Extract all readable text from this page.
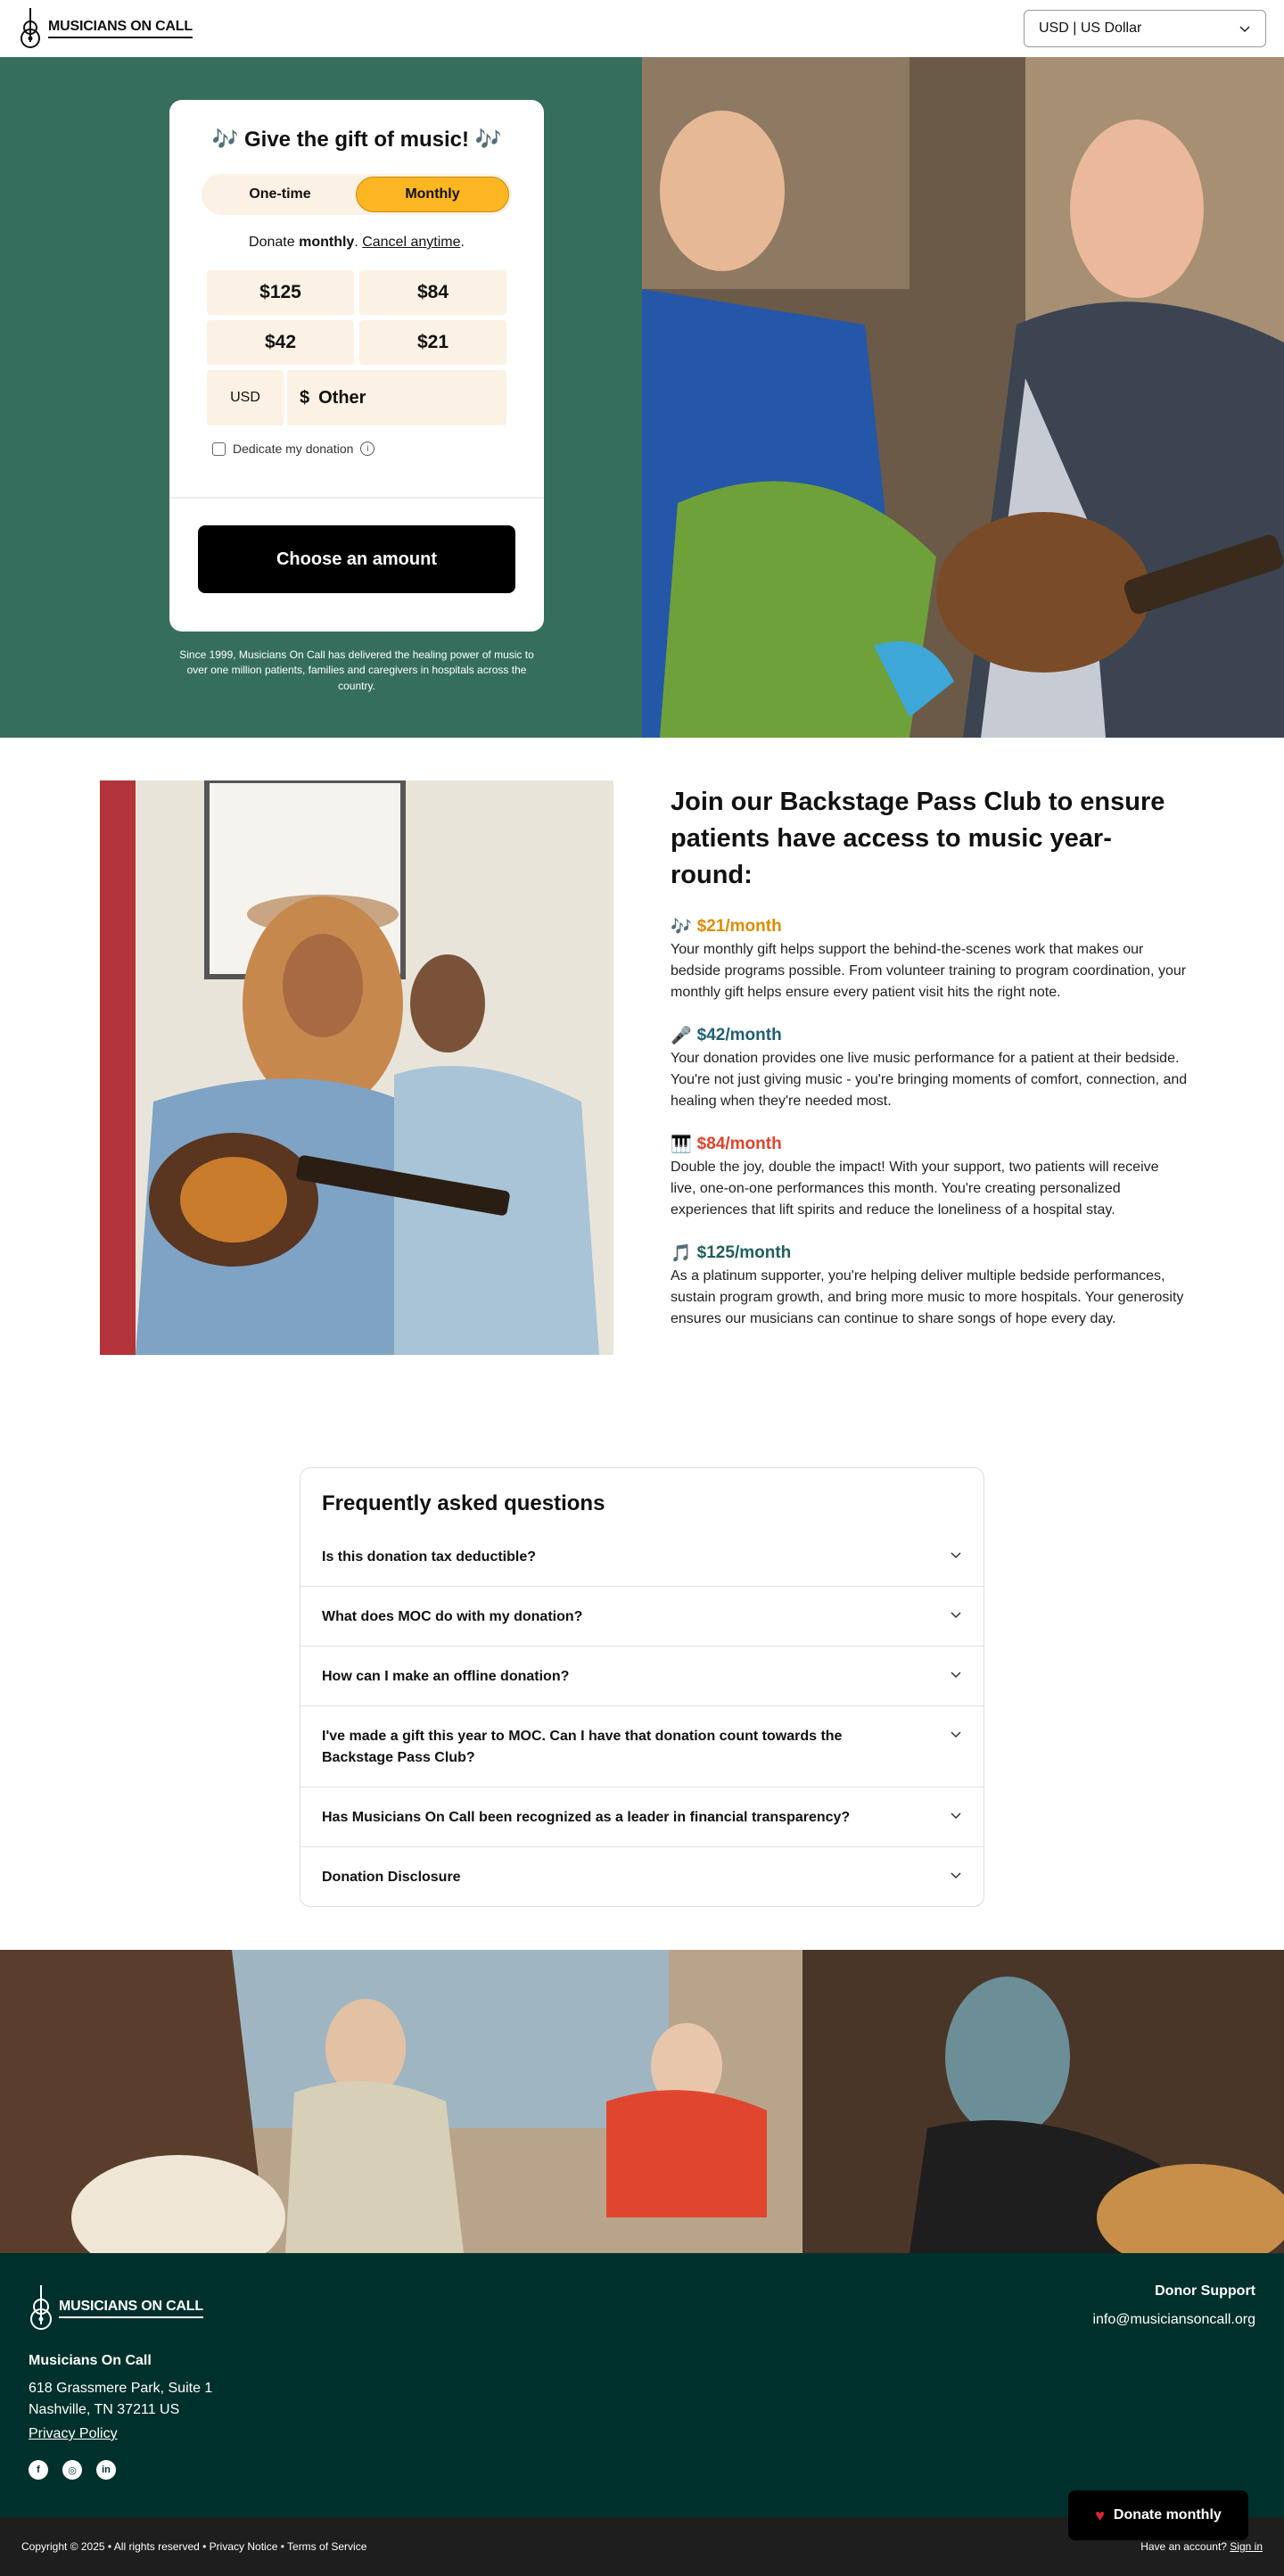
MUSICIANS ON CALL	USD | US Dollar
🎶 Give the gift of music! 🎶
One-time	Monthly
Donate monthly. Cancel anytime.
$125	$84
$42	$21
USD	$ Other
Dedicate my donation	i
Choose an amount
Since 1999, Musicians On Call has delivered the healing power of music to over one million patients, families and caregivers in hospitals across the country.
Join our Backstage Pass Club to ensure patients have access to music year-round:
🎶 $21/month
Your monthly gift helps support the behind-the-scenes work that makes our bedside programs possible. From volunteer training to program coordination, your monthly gift helps ensure every patient visit hits the right note.
🎤 $42/month
Your donation provides one live music performance for a patient at their bedside. You're not just giving music - you're bringing moments of comfort, connection, and healing when they're needed most.
🎹 $84/month
Double the joy, double the impact! With your support, two patients will receive live, one-on-one performances this month. You're creating personalized experiences that lift spirits and reduce the loneliness of a hospital stay.
🎵 $125/month
As a platinum supporter, you're helping deliver multiple bedside performances, sustain program growth, and bring more music to more hospitals. Your generosity ensures our musicians can continue to share songs of hope every day.
Frequently asked questions
Is this donation tax deductible?
What does MOC do with my donation?
How can I make an offline donation?
I've made a gift this year to MOC. Can I have that donation count towards the Backstage Pass Club?
Has Musicians On Call been recognized as a leader in financial transparency?
Donation Disclosure
MUSICIANS ON CALL
Musicians On Call
618 Grassmere Park, Suite 1
Nashville, TN 37211 US
Privacy Policy
f	◎	in
Donor Support
info@musiciansoncall.org
♥ Donate monthly
Copyright © 2025 • All rights reserved • Privacy Notice • Terms of Service	Have an account? Sign in
